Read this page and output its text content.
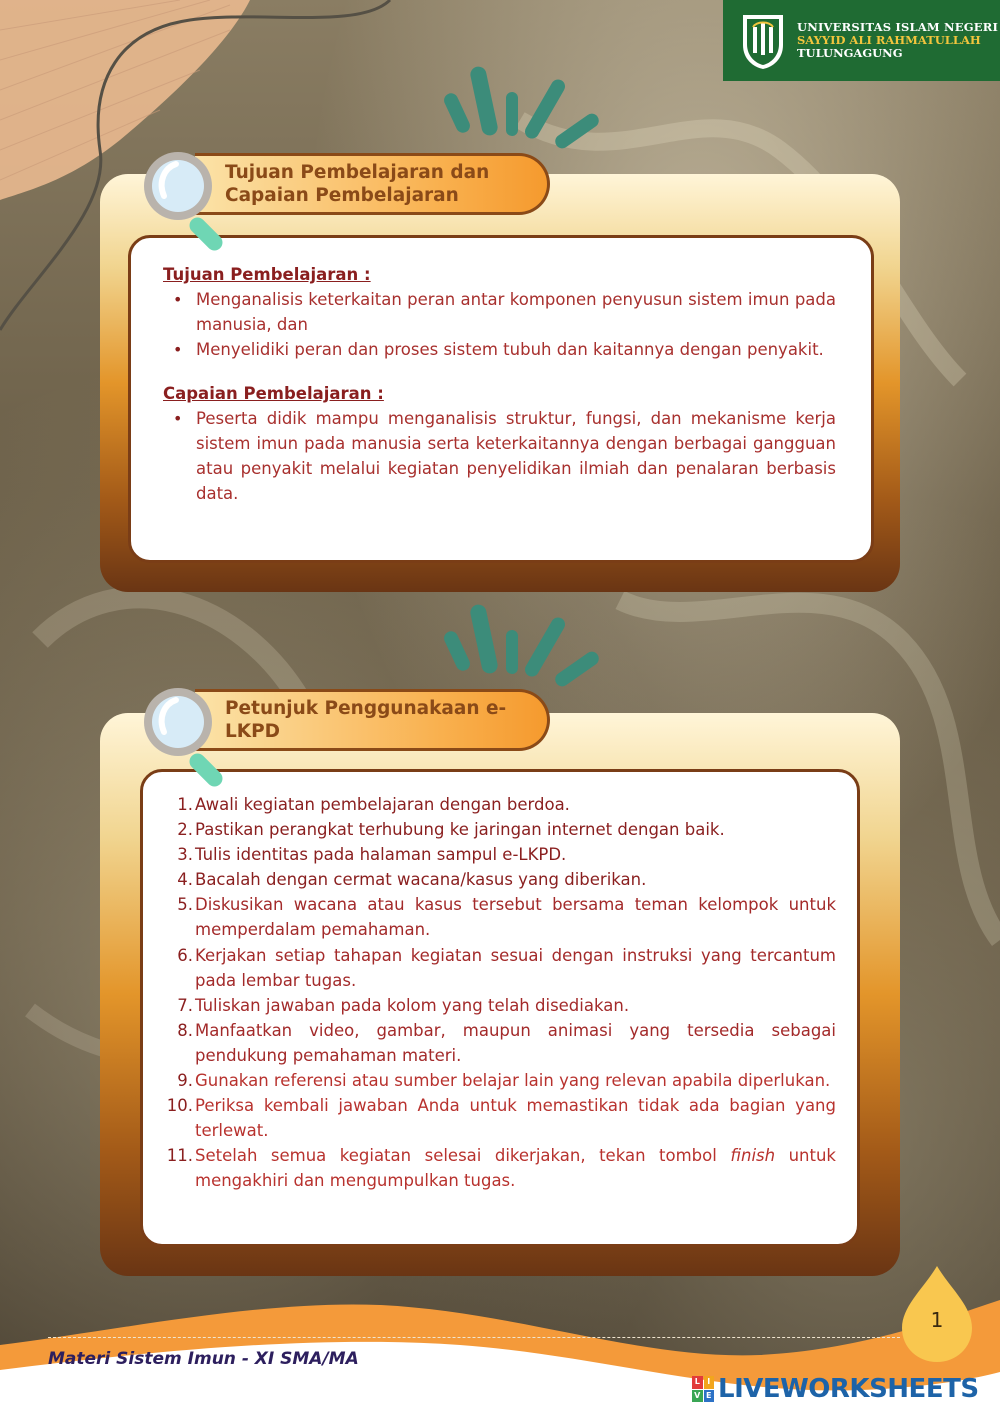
UNIVERSITAS ISLAM NEGERI
SAYYID ALI RAHMATULLAH
TULUNGAGUNG
Tujuan Pembelajaran dan Capaian Pembelajaran
Tujuan Pembelajaran :
• Menganalisis keterkaitan peran antar komponen penyusun sistem imun pada manusia, dan
• Menyelidiki peran dan proses sistem tubuh dan kaitannya dengan penyakit.
Capaian Pembelajaran :
• Peserta didik mampu menganalisis struktur, fungsi, dan mekanisme kerja sistem imun pada manusia serta keterkaitannya dengan berbagai gangguan atau penyakit melalui kegiatan penyelidikan ilmiah dan penalaran berbasis data.
Petunjuk Penggunakaan e-LKPD
1. Awali kegiatan pembelajaran dengan berdoa.
2. Pastikan perangkat terhubung ke jaringan internet dengan baik.
3. Tulis identitas pada halaman sampul e-LKPD.
4. Bacalah dengan cermat wacana/kasus yang diberikan.
5. Diskusikan wacana atau kasus tersebut bersama teman kelompok untuk memperdalam pemahaman.
6. Kerjakan setiap tahapan kegiatan sesuai dengan instruksi yang tercantum pada lembar tugas.
7. Tuliskan jawaban pada kolom yang telah disediakan.
8. Manfaatkan video, gambar, maupun animasi yang tersedia sebagai pendukung pemahaman materi.
9. Gunakan referensi atau sumber belajar lain yang relevan apabila diperlukan.
10. Periksa kembali jawaban Anda untuk memastikan tidak ada bagian yang terlewat.
11. Setelah semua kegiatan selesai dikerjakan, tekan tombol finish untuk mengakhiri dan mengumpulkan tugas.
Materi Sistem Imun - XI SMA/MA
1
L I
V E LIVEWORKSHEETS
